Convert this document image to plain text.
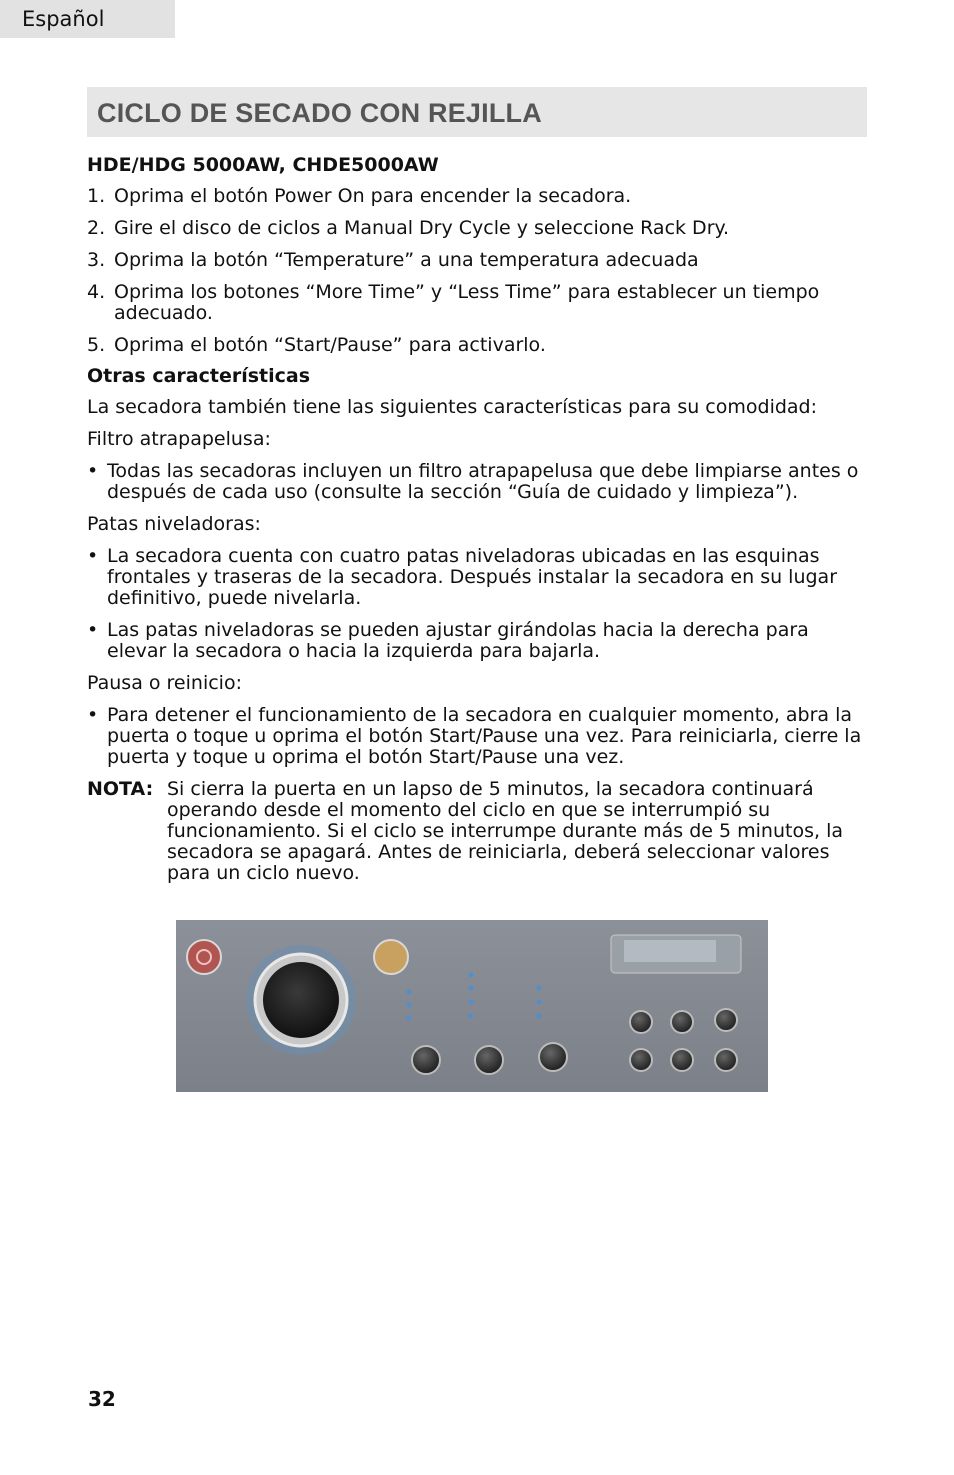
Español
CICLO DE SECADO CON REJILLA
HDE/HDG 5000AW, CHDE5000AW
1. Oprima el botón Power On para encender la secadora.
2. Gire el disco de ciclos a Manual Dry Cycle y seleccione Rack Dry.
3. Oprima la botón “Temperature” a una temperatura adecuada
4. Oprima los botones “More Time” y “Less Time” para establecer un tiempo adecuado.
5. Oprima el botón “Start/Pause” para activarlo.
Otras características
La secadora también tiene las siguientes características para su comodidad:
Filtro atrapapelusa:
• Todas las secadoras incluyen un filtro atrapapelusa que debe limpiarse antes o después de cada uso (consulte la sección “Guía de cuidado y limpieza”).
Patas niveladoras:
• La secadora cuenta con cuatro patas niveladoras ubicadas en las esquinas frontales y traseras de la secadora. Después instalar la secadora en su lugar definitivo, puede nivelarla.
• Las patas niveladoras se pueden ajustar girándolas hacia la derecha para elevar la secadora o hacia la izquierda para bajarla.
Pausa o reinicio:
• Para detener el funcionamiento de la secadora en cualquier momento, abra la puerta o toque u oprima el botón Start/Pause una vez. Para reiniciarla, cierre la puerta y toque u oprima el botón Start/Pause una vez.
NOTA: Si cierra la puerta en un lapso de 5 minutos, la secadora continuará operando desde el momento del ciclo en que se interrumpió su funcionamiento. Si el ciclo se interrumpe durante más de 5 minutos, la secadora se apagará. Antes de reiniciarla, deberá seleccionar valores para un ciclo nuevo.
32
